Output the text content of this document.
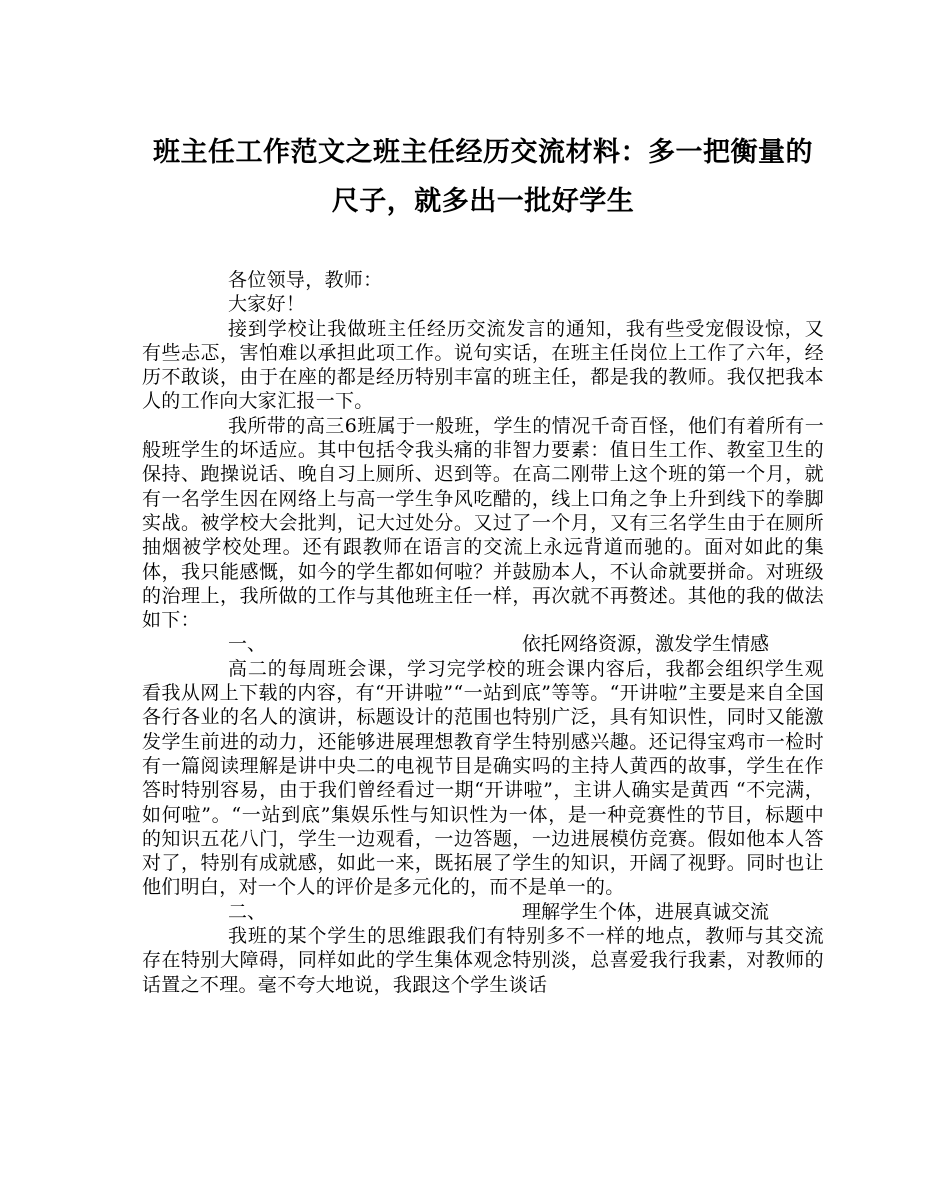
班主任工作范文之班主任经历交流材料：多一把衡量的尺子，就多出一批好学生

各位领导，教师：

大家好！

接到学校让我做班主任经历交流发言的通知，我有些受宠假设惊，又有些忐忑，害怕难以承担此项工作。说句实话，在班主任岗位上工作了六年，经历不敢谈，由于在座的都是经历特别丰富的班主任，都是我的教师。我仅把我本人的工作向大家汇报一下。

我所带的高三6班属于一般班，学生的情况千奇百怪，他们有着所有一般班学生的坏适应。其中包括令我头痛的非智力要素：值日生工作、教室卫生的保持、跑操说话、晚自习上厕所、迟到等。在高二刚带上这个班的第一个月，就有一名学生因在网络上与高一学生争风吃醋的，线上口角之争上升到线下的拳脚实战。被学校大会批判，记大过处分。又过了一个月，又有三名学生由于在厕所抽烟被学校处理。还有跟教师在语言的交流上永远背道而驰的。面对如此的集体，我只能感慨，如今的学生都如何啦？并鼓励本人，不认命就要拼命。对班级的治理上，我所做的工作与其他班主任一样，再次就不再赘述。其他的我的做法如下：

一、	依托网络资源，激发学生情感

高二的每周班会课，学习完学校的班会课内容后，我都会组织学生观看我从网上下载的内容，有“开讲啦”“一站到底”等等。“开讲啦”主要是来自全国各行各业的名人的演讲，标题设计的范围也特别广泛，具有知识性，同时又能激发学生前进的动力，还能够进展理想教育学生特别感兴趣。还记得宝鸡市一检时有一篇阅读理解是讲中央二的电视节目是确实吗的主持人黄西的故事，学生在作答时特别容易，由于我们曾经看过一期“开讲啦”，主讲人确实是黄西 “不完满，如何啦”。“一站到底”集娱乐性与知识性为一体，是一种竞赛性的节目，标题中的知识五花八门，学生一边观看，一边答题，一边进展模仿竞赛。假如他本人答对了，特别有成就感，如此一来，既拓展了学生的知识，开阔了视野。同时也让他们明白，对一个人的评价是多元化的，而不是单一的。

二、	理解学生个体，进展真诚交流

我班的某个学生的思维跟我们有特别多不一样的地点，教师与其交流存在特别大障碍，同样如此的学生集体观念特别淡，总喜爱我行我素，对教师的话置之不理。毫不夸大地说，我跟这个学生谈话
